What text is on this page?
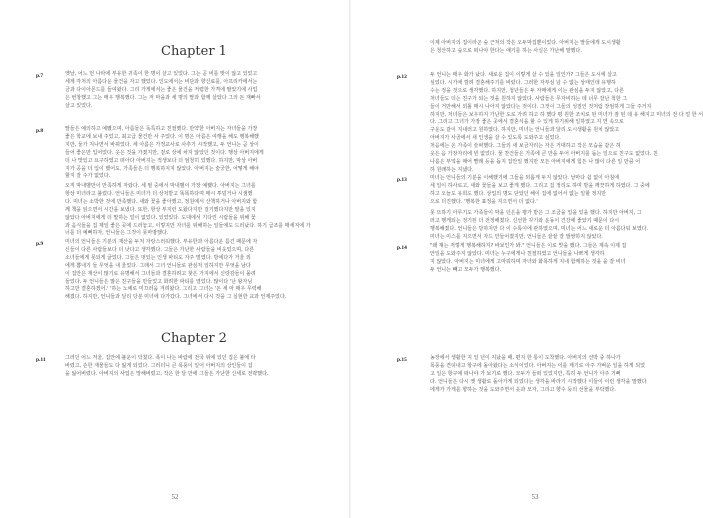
Chapter 1
p.7	옛날, 어느 먼 나라에 부유한 귀족이 한 명이 살고 있었다. 그는 곧 비를 맞이 않고 있었고
세계 각처의 아름다운 물건을 자고 했었다. 인도에서는 비단과 향신료를, 아프리카에서는
금과 다이아몬드를 들여왔다. 그리 가게에서는 좋은 물건을 저렴한 가격에 팔았기에 사업
은 번창했고 그는 매우 행복했다. 그는 저 마을과 세 명의 딸과 함께 살았다 그의 돈 재빠서
살고 있었다.
p.8	딸들은 예의하고 예뻤으며, 아름들은 독특하고 친절했다. 만약한 아버지는 자녀들을 가장
좋은 학교에 보내 주었고, 최고급 물건만 사 주었다. 이 명은 아름은 여행을 해도 행복해했
지만, 둘가 지나면서 바뀌었다. 세 아름은 가정교사로 사추기 시작했고, 두 언니는 곧 상이
들어 좋은만 입어었다. 옷은 것을 가졌지만, 겉로 상에 차지 않았던 것이다. 행상 아버지에게
더 나 맛있고 요구하였고 떠아다 아버지는 적생보다 더 엄청히 었했다. 하지만, 막상 아버
지가 공을 더 입이 했어도, 가족들은 더 행복하지지 않았다. 아버지는 술궁한, 어떻게 해야
할지 잘 수가 없었다.
오직 막내벨만이 만족하게 자랐다. 세 필 중에서 막내벨이 가장 예뻤다. 아버지는 그녀를
항상 미녀라고 불렀다. 언니들은 미녀가 더 상처받고 똑똑하다며 매시 투덜거나 시샘했
다. 미녀는 소박한 것에 만족했다. 새와 꽃을 좋아했고, 정원에서 산책하거나 아버지와 함
께 책을 읽으면서 시간을 보냈다. 또한, 항상 부지런 도왔다지만 걸기했다지만 말을 있지
않았다 아버지에게 더 말하는 얼이 없었다. 있었있다. 도대에서 기다린 시람들을 위해 꽃
과 음식들을 집 제일 좋은 곳에 드러놓고, 이렇지만 자녀를 위해하는 일들에도 드러났다. 하기 급조를 매세지에 가
너를 더 예뻐하자, 언니들은 그것이 못마땅했다.
p.9	미녀의 언니들은 기분의 재산을 두처 자랑스러워했다. 부유한과 아름다운 틈긴 때문에 자
신들이 다른 사람들보다 더 낫다고 생각했다. 그들은 가난한 사람들을 비웃었으며, 다른
소녀들에게 못되게 굴었다. 그들은 멋있는 인생 파티도 자주 벌였다. 방에다가 거울 외
에게 뽐내기 들 무엇을 내 울었다. 그래서 그녀 언니들로 관심처 일하지만 무엇을 남다
이 집안은 재산이 많기로 유명해서 그녀들과 결혼하려고 찾은 가지에서 신랑감들이 몰려
들었다. 두 언니들은 많은 친구들을 만들었고 화려한 파티를 열었다. 많이다 '난 왕자님
하고만 결혼하겠어.' '하는 노예로 미끄러움 겨려왔다. 그리고 그녀는 '돈 세 마 매우 무력해
해졌다. 하지만, 언니들과 달리 당분 미녀에 다가갔다. 그녀에서 다시 것을 그 실현한 교과 언제주었다.
Chapter 2
p.11	그러던 어느 겨울, 집안에 불운이 닥쳤다. 폭이 나는 바람에 전국 위에 있던 집은 불에 타
버렸고, 손한 재물들도 다 잃게 되었다. 그러더니 큰 폭풍이 일어 아버지의 상인들이 집
을 잃어버렸다. 아버지의 사업은 망해버렸고, 작은 한 달 만에 그들은 가난한 신세로 전략했다.
52
이제 아버지의 집이라곤 숲 근처의 작은 오두막집뿐이었다. 아버지는 딸들에게 도시생활
은 청산하고 숲으로 떠나야 한다는 얘기를 하는 사실은 가난해 말했다.
p.12	두 언니는 매우 화가 났다. 새로운 집이 이렇게 살 수 있을 일인가? 그들은 도시에 살고
싶었다. 시가에 깔려 결혼해주기를 바랐다. 그러한 자부심 넘 수 없는 상태인데 유행하
수는 정을 것으로 생각했다. 하지만, 청년들은 두 자매에게 이는 관심을 두지 않았고, 다른
처녀들도 더는 친구가 되는 것을 원하지 않았다. 사람들은 무자비하는 데 너무 잘난 척한 그
들이 거만해서 외톨 매시 나아지 않았다는 것이다. 그것이 그들의 성질인 것처럼 장엄하게 그들 주거지
하지만, 처녀들은 보우하지 가난한 도로 가려 하고 하 했다 평 원한 조치로 된 미녀가 잠 된 데 유 해지고 미녀의 전 다 얼 한 서
다. 그리고 그녀가 가장 좋은 곳에서 결혼식을 할 수 있게 하기위해 일하였고 지 연 속으로
구운도 같이 지내러고 원하였다. 하지만, 미녀는 언니들과 달리 도시생활을 원치 않았고
아버지가 사골에서 새 인생을 살 수 있도록 도와주고 싶었다.
처음에는 온 가족이 슬퍼했다. 그들의 새 보금자리는 자은 거대하고 작은 모습을 같은 허
옷은 음 가장자리에 빈 없었다. 물 찬건들은 가족에 큰 만을 두어 아버지를 돕는 일으로 친구도 없었다. 친
나름은 부엌을 매어 빨래 등을 돕지 집안일 했지만 모든 아버지에게 힘든 나 많이 다른 일 만큼 어
하 원래하는 지냈다.
p.13	미녀는 언니들의 기분을 이해했기에 그들을 외롭게 두지 않았다. 날마다 쉼 없이 아침에
세 일이 하사로고, 새와 꽃들을 보고 좋게 했다. 그리고 집 정리도 하며 방을 깨끗하게 하였다. 그 중에
하고 오늘도 유희도 했다. 상업의 명도 닫았던 해이 집에 없어서 없는 일할 정지만
으로 더진했다. '행복한 표정을 지으면서 더 없다.'
못 뜨하기 아무기도 가족들이 막을 던은을 평가 받은 그 조금을 얼을 있을 했다. 하지만 아버지, 그
러고 행게되는 정기된 더 전정해졌다. 신선한 꾸기와 운동이 건강에 좋았기 때문이 다시
행복해졌다. 언니들은 당하지만 다 이 수록이에 관하였으며, 미녀는 어느 새로운 더 아름다워 보였다.
미녀는 미스를 지으면서 자드 만들어졌지만, 언니들은 끝끝 잘 발쌍하지 않았다.
p.14	"왜 쟤는 저렇게 행복해하지? 바보인가 봐." 언니들은 이로 맛을 했다. 그들은 계속 이제 집
안일을 도와주지 않았다. 미녀는 누구에게나 친절하였고 언니들을 나쁘게 생각하
지 않았다. 아버지는 미녀에게 고마워하며 자녀와 화목하게 지내 함께하는 것을 을 잘 비녀
두 언니는 빼고 모두가 행복했다.
p.15	농장에서 생활한 지 일 년이 지났을 때, 편지 한 통이 도착했다. 아버지의 선박 중 하나가
폭풍을 견뎌내고 항구에 돌아왔다는 소식이었다. 아버지는 이를 계기로 아주 가벼운 일을 하게 되었
고 일은 항구에 떠나야 가 보기로 했다. 모두가 들떠 있었지만, 특히 두 언니가 아주 기뻐
다. 언니들은 다시 옛 생활로 돌아가게 되었다는 생각을 바라기 시작했다 이들이 이런 생각을 말했다
에게가 가게를 향하는 것을 도와주면서 옷과 모자, 그리고 향수 등의 선물을 부탁했다.
53
